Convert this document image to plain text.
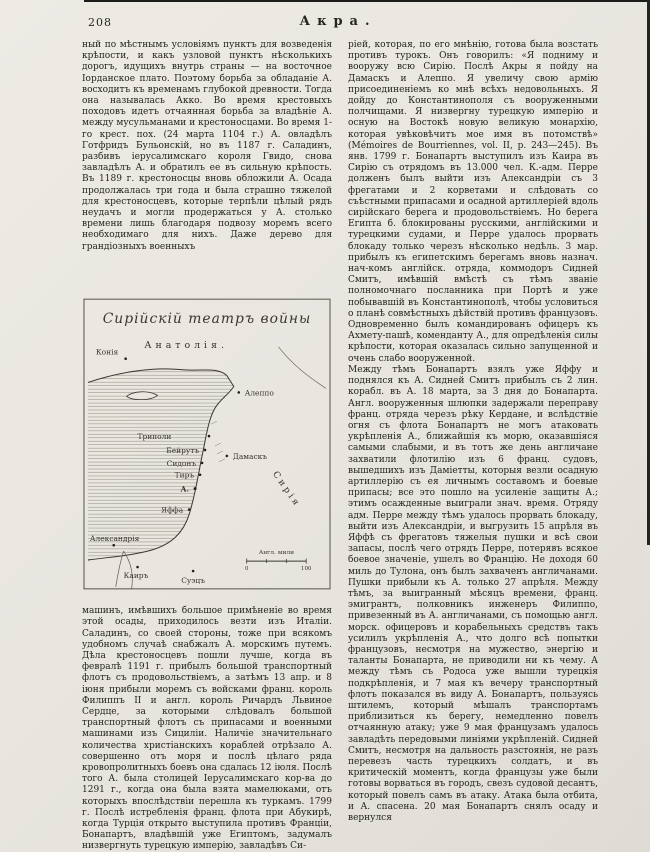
208	Акра.

ный по мѣстнымъ условіямъ пунктъ для возведенія крѣпости, и какъ узловой пунктъ нѣсколькихъ дорогъ, идущихъ внутрь страны — на восточное Іорданское плато. Поэтому борьба за обладаніе А. восходитъ къ временамъ глубокой древности. Тогда она называлась Акко. Во время крестовыхъ походовъ идетъ отчаянная борьба за владѣніе А. между мусульманами и крестоносцами. Во время 1-го крест. пох. (24 марта 1104 г.) А. овладѣлъ Готфридъ Бульонскій, но въ 1187 г. Саладинъ, разбивъ іерусалимскаго короля Гвидо, снова завладѣлъ А. и обратилъ ее въ сильную крѣпость. Въ 1189 г. крестоносцы вновь обложили А. Осада продолжалась три года и была страшно тяжелой для крестоносцевъ, которые терпѣли цѣлый рядъ неудачъ и могли продержаться у А. столько времени лишь благодаря подвозу моремъ всего необходимаго для нихъ. Даже дерево для грандіозныхъ военныхъ

Сирійскій театръ войны
Анатолія.
Конія
Алеппо
Дамаскъ
Триполи
Бейрутъ
Сидонъ
Тиръ
А.
Яффа
Сирія
Александрія
Каиръ
Суэцъ
Англ. мили
0	100

машинъ, имѣвшихъ большое примѣненіе во время этой осады, приходилось везти изъ Италіи. Саладинъ, со своей стороны, тоже при всякомъ удобномъ случаѣ снабжалъ А. морскимъ путемъ. Дѣла крестоносцевъ пошли лучше, когда въ февралѣ 1191 г. прибылъ большой транспортный флотъ съ продовольствіемъ, а затѣмъ 13 апр. и 8 іюня прибыли моремъ съ войсками франц. король Филиппъ II и англ. король Ричардъ Львиное Сердце, за которыми слѣдовалъ большой транспортный флотъ съ припасами и военными машинами изъ Сициліи. Наличіе значительнаго количества христіанскихъ кораблей отрѣзало А. совершенно отъ моря и послѣ цѣлаго ряда кровопролитныхъ боевъ она сдалась 12 іюля. Послѣ того А. была столицей Іерусалимскаго кор-ва до 1291 г., когда она была взята мамелюками, отъ которыхъ впослѣдствіи перешла къ туркамъ. 1799 г. Послѣ истребленія франц. флота при Абукирѣ, когда Турція открыто выступила противъ Франціи, Бонапартъ, владѣвшій уже Египтомъ, задумалъ низвергнуть турецкую имперію, завладѣвъ Си-

ріей, которая, по его мнѣнію, готова была возстать противъ турокъ. Онъ говорилъ: «Я подниму и вооружу всю Сирію. Послѣ Акры я пойду на Дамаскъ и Алеппо. Я увеличу свою армію присоединеніемъ ко мнѣ всѣхъ недовольныхъ. Я дойду до Константинополя съ вооруженными полчищами. Я низвергну турецкую имперію и осную на Востокѣ новую великую монархію, которая увѣковѣчитъ мое имя въ потомствѣ» (Mémoires de Bourriennes, vol. II, p. 243—245). Въ янв. 1799 г. Бонапартъ выступилъ изъ Каира въ Сирію съ отрядомъ въ 13.000 чел. К.-адм. Перре долженъ былъ выйти изъ Александріи съ 3 фрегатами и 2 корветами и слѣдовать со съѣстными припасами и осадной артиллеріей вдоль сирійскаго берега и продовольствіемъ. Но берега Египта б. блокированы русскими, англійскими и турецкими судами, и Перре удалось прорвать блокаду только черезъ нѣсколько недѣль. 3 мар. прибылъ къ египетскимъ берегамъ вновь назнач. нач-комъ англійск. отряда, коммодоръ Сидней Смитъ, имѣвшій вмѣстѣ съ тѣмъ званіе полномочнаго посланника при Портѣ и уже побывавшій въ Константинополѣ, чтобы условиться о планѣ совмѣстныхъ дѣйствій противъ французовъ. Одновременно былъ командированъ офицеръ къ Ахмету-пашѣ, коменданту А., для опредѣленія силы крѣпости, которая оказалась сильно запущенной и очень слабо вооруженной.

Между тѣмъ Бонапартъ взялъ уже Яффу и поднялся къ А. Сидней Смитъ прибылъ съ 2 лин. корабл. въ А. 18 марта, за 3 дня до Бонапарта. Англ. вооруженныя шлюпки задержали переправу франц. отряда черезъ рѣку Кердане, и вслѣдствіе огня съ флота Бонапартъ не могъ атаковать укрѣпленія А., ближайшія къ морю, оказавшіяся самыми слабыми, и въ тотъ же день англичане захватили флотилію изъ 6 франц. судовъ, вышедшихъ изъ Даміетты, которыя везли осадную артиллерію съ ея личнымъ составомъ и боевые припасы; все это пошло на усиленіе защиты А.; этимъ осажденные выиграли знач. время. Отряду адм. Перре между тѣмъ удалось прорвать блокаду, выйти изъ Александріи, и выгрузить 15 апрѣля въ Яффѣ съ фрегатовъ тяжелыя пушки и всѣ свои запасы, послѣ чего отрядъ Перре, потерявъ всякое боевое значеніе, ушелъ во Францію. Не доходя 60 миль до Тулона, онъ былъ захваченъ англичанами. Пушки прибыли къ А. только 27 апрѣля. Между тѣмъ, за выигранный мѣсяцъ времени, франц. эмигрантъ, полковникъ инженеръ Филиппо, привезенный въ А. англичанами, съ помощью англ. морск. офицеровъ и корабельныхъ средствъ такъ усилилъ укрѣпленія А., что долго всѣ попытки французовъ, несмотря на мужество, энергію и таланты Бонапарта, не приводили ни къ чему. А между тѣмъ съ Родоса уже вышли турецкія подкрѣпленія, и 7 мая къ вечеру транспортный флотъ показался въ виду А. Бонапартъ, пользуясь штилемъ, который мѣшалъ транспортамъ приблизиться къ берегу, немедленно повелъ отчаянную атаку; уже 9 мая французамъ удалось завладѣть передовыми линіями укрѣпленій. Сидней Смитъ, несмотря на дальность разстоянія, не разъ перевезъ часть турецкихъ солдатъ, и въ критическій моментъ, когда французы уже были готовы ворваться въ городъ, свезъ судовой десантъ, который повелъ самъ въ атаку. Атака была отбита, и А. спасена. 20 мая Бонапартъ снялъ осаду и вернулся
